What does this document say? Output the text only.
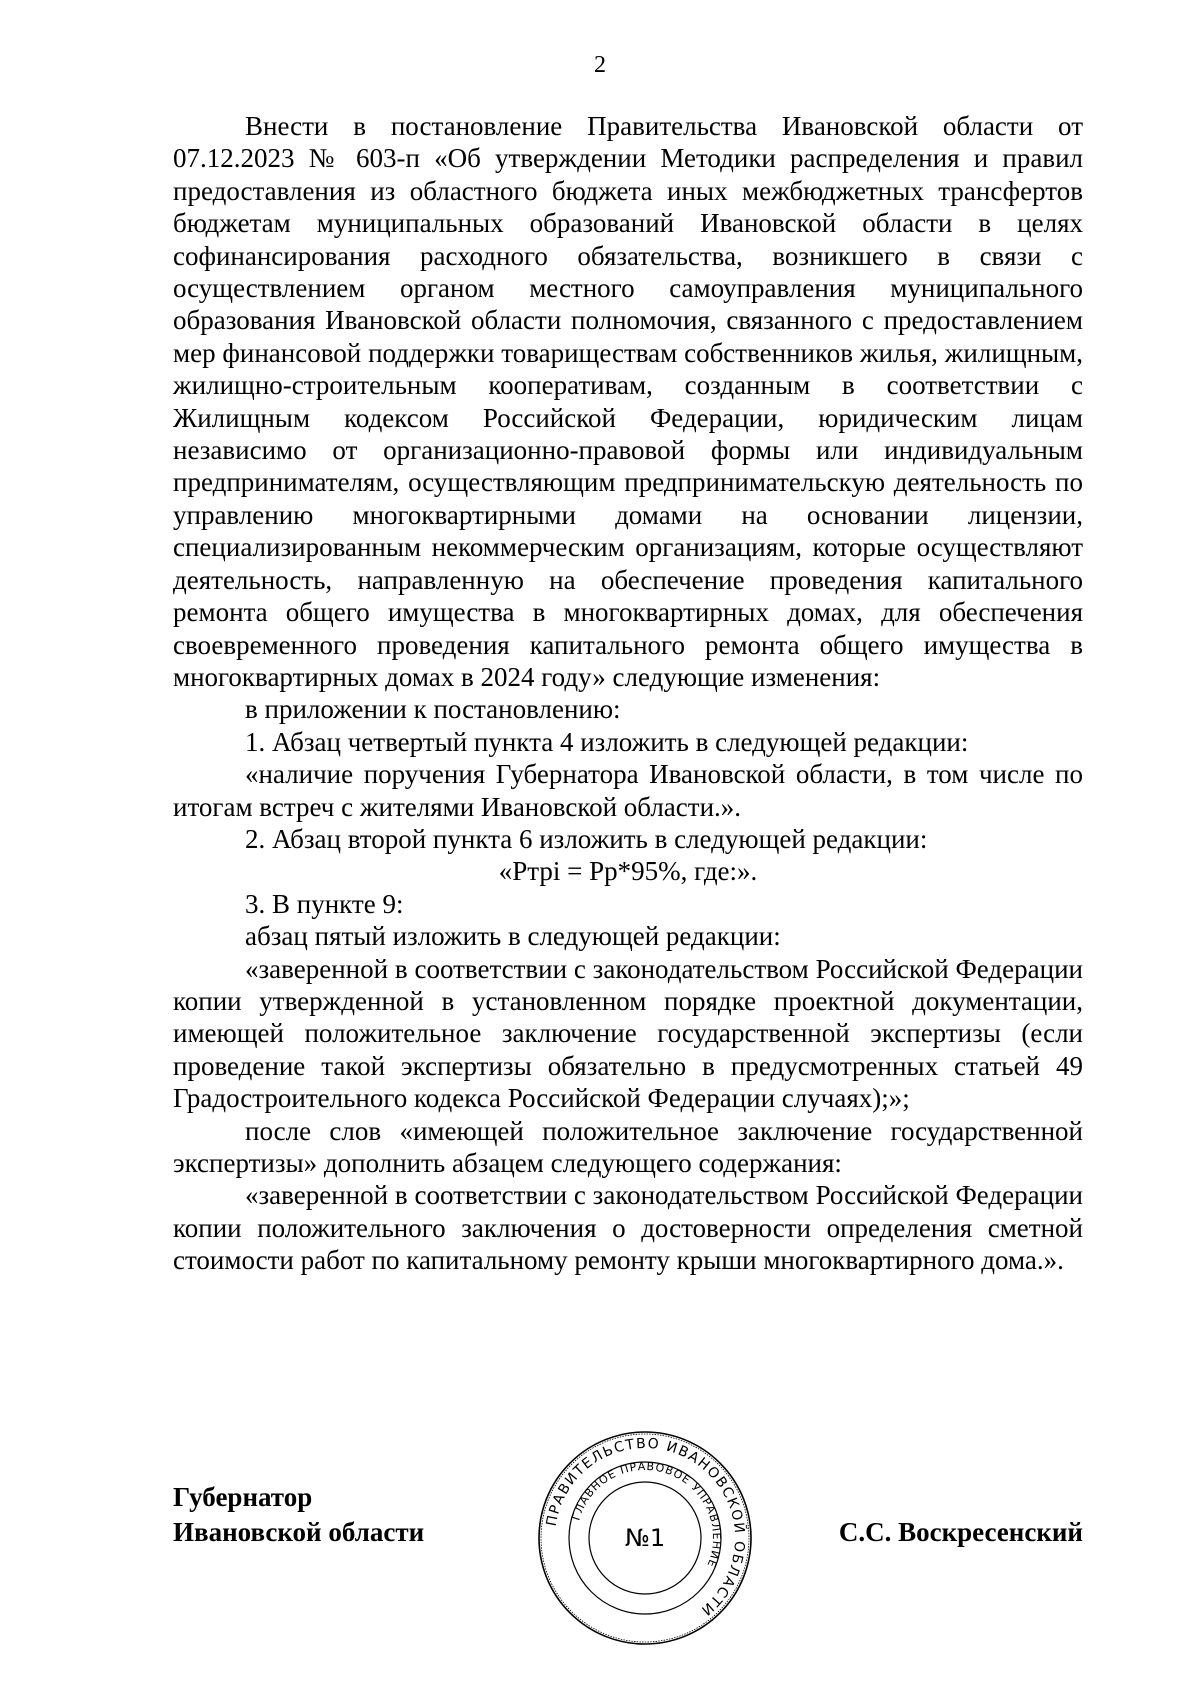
2

Внести в постановление Правительства Ивановской области от 07.12.2023 № 603-п «Об утверждении Методики распределения и правил предоставления из областного бюджета иных межбюджетных трансфертов бюджетам муниципальных образований Ивановской области в целях софинансирования расходного обязательства, возникшего в связи с осуществлением органом местного самоуправления муниципального образования Ивановской области полномочия, связанного с предоставлением мер финансовой поддержки товариществам собственников жилья, жилищным, жилищно-строительным кооперативам, созданным в соответствии с Жилищным кодексом Российской Федерации, юридическим лицам независимо от организационно-правовой формы или индивидуальным предпринимателям, осуществляющим предпринимательскую деятельность по управлению многоквартирными домами на основании лицензии, специализированным некоммерческим организациям, которые осуществляют деятельность, направленную на обеспечение проведения капитального ремонта общего имущества в многоквартирных домах, для обеспечения своевременного проведения капитального ремонта общего имущества в многоквартирных домах в 2024 году» следующие изменения:

в приложении к постановлению:

1. Абзац четвертый пункта 4 изложить в следующей редакции:

«наличие поручения Губернатора Ивановской области, в том числе по итогам встреч с жителями Ивановской области.».

2. Абзац второй пункта 6 изложить в следующей редакции:

«Ртрi = Рр*95%, где:».

3. В пункте 9:

абзац пятый изложить в следующей редакции:

«заверенной в соответствии с законодательством Российской Федерации копии утвержденной в установленном порядке проектной документации, имеющей положительное заключение государственной экспертизы (если проведение такой экспертизы обязательно в предусмотренных статьей 49 Градостроительного кодекса Российской Федерации случаях);»;

после слов «имеющей положительное заключение государственной экспертизы» дополнить абзацем следующего содержания:

«заверенной в соответствии с законодательством Российской Федерации копии положительного заключения о достоверности определения сметной стоимости работ по капитальному ремонту крыши многоквартирного дома.».

Губернатор
Ивановской области	ПРАВИТЕЛЬСТВО ИВАНОВСКОЙ ОБЛАСТИ
ГЛАВНОЕ ПРАВОВОЕ УПРАВЛЕНИЕ
№1	С.С. Воскресенский
